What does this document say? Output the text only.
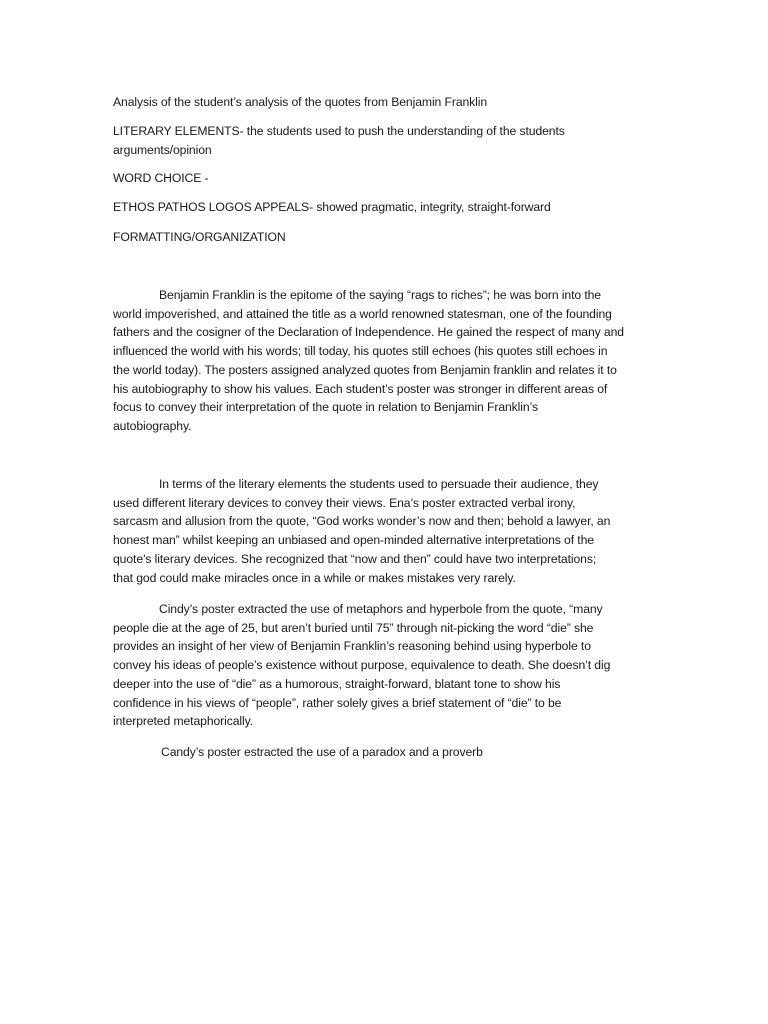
Analysis of the student’s analysis of the quotes from Benjamin Franklin

LITERARY ELEMENTS- the students used to push the understanding of the students

arguments/opinion

WORD CHOICE -

ETHOS PATHOS LOGOS APPEALS- showed pragmatic, integrity, straight-forward

FORMATTING/ORGANIZATION

Benjamin Franklin is the epitome of the saying “rags to riches”; he was born into the

world impoverished, and attained the title as a world renowned statesman, one of the founding

fathers and the cosigner of the Declaration of Independence. He gained the respect of many and

influenced the world with his words; till today, his quotes still echoes (his quotes still echoes in

the world today). The posters assigned analyzed quotes from Benjamin franklin and relates it to

his autobiography to show his values. Each student’s poster was stronger in different areas of

focus to convey their interpretation of the quote in relation to Benjamin Franklin’s

autobiography.

In terms of the literary elements the students used to persuade their audience, they

used different literary devices to convey their views. Ena’s poster extracted verbal irony,

sarcasm and allusion from the quote, “God works wonder’s now and then; behold a lawyer, an

honest man” whilst keeping an unbiased and open-minded alternative interpretations of the

quote’s literary devices. She recognized that “now and then” could have two interpretations;

that god could make miracles once in a while or makes mistakes very rarely.

Cindy’s poster extracted the use of metaphors and hyperbole from the quote, “many

people die at the age of 25, but aren’t buried until 75” through nit-picking the word “die” she

provides an insight of her view of Benjamin Franklin’s reasoning behind using hyperbole to

convey his ideas of people’s existence without purpose, equivalence to death. She doesn’t dig

deeper into the use of “die” as a humorous, straight-forward, blatant tone to show his

confidence in his views of “people”, rather solely gives a brief statement of “die” to be

interpreted metaphorically.

Candy’s poster estracted the use of a paradox and a proverb
